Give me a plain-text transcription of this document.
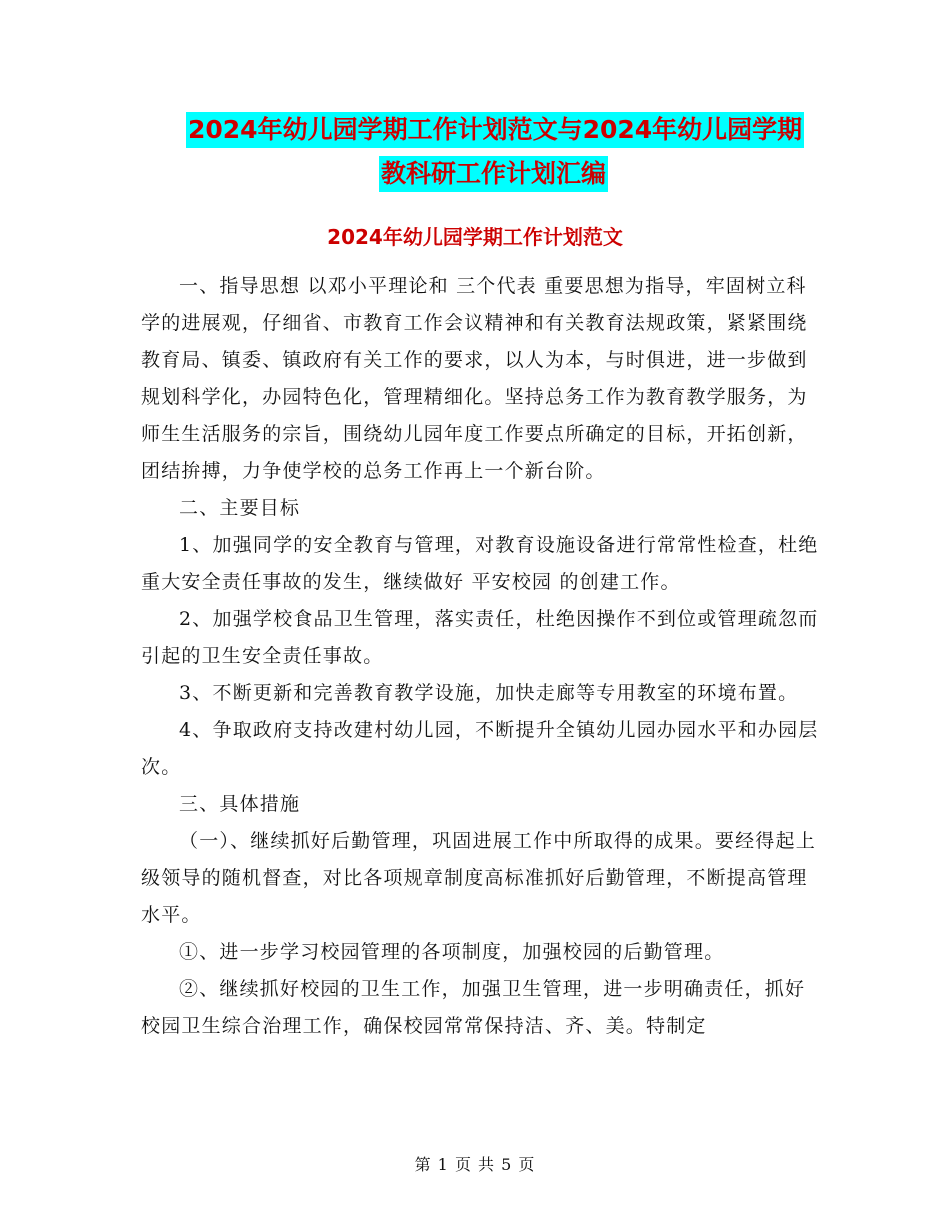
2024年幼儿园学期工作计划范文与2024年幼儿园学期
教科研工作计划汇编
2024年幼儿园学期工作计划范文

一、指导思想 以邓小平理论和 三个代表 重要思想为指导，牢固树立科学的进展观，仔细省、市教育工作会议精神和有关教育法规政策，紧紧围绕教育局、镇委、镇政府有关工作的要求，以人为本，与时俱进，进一步做到规划科学化，办园特色化，管理精细化。坚持总务工作为教育教学服务，为师生生活服务的宗旨，围绕幼儿园年度工作要点所确定的目标，开拓创新，团结拚搏，力争使学校的总务工作再上一个新台阶。

二、主要目标

1、加强同学的安全教育与管理，对教育设施设备进行常常性检查，杜绝重大安全责任事故的发生，继续做好 平安校园 的创建工作。

2、加强学校食品卫生管理，落实责任，杜绝因操作不到位或管理疏忽而引起的卫生安全责任事故。

3、不断更新和完善教育教学设施，加快走廊等专用教室的环境布置。

4、争取政府支持改建村幼儿园，不断提升全镇幼儿园办园水平和办园层次。

三、具体措施

（一）、继续抓好后勤管理，巩固进展工作中所取得的成果。要经得起上级领导的随机督查，对比各项规章制度高标准抓好后勤管理，不断提高管理水平。

①、进一步学习校园管理的各项制度，加强校园的后勤管理。

②、继续抓好校园的卫生工作，加强卫生管理，进一步明确责任，抓好校园卫生综合治理工作，确保校园常常保持洁、齐、美。特制定

第 1 页 共 5 页
